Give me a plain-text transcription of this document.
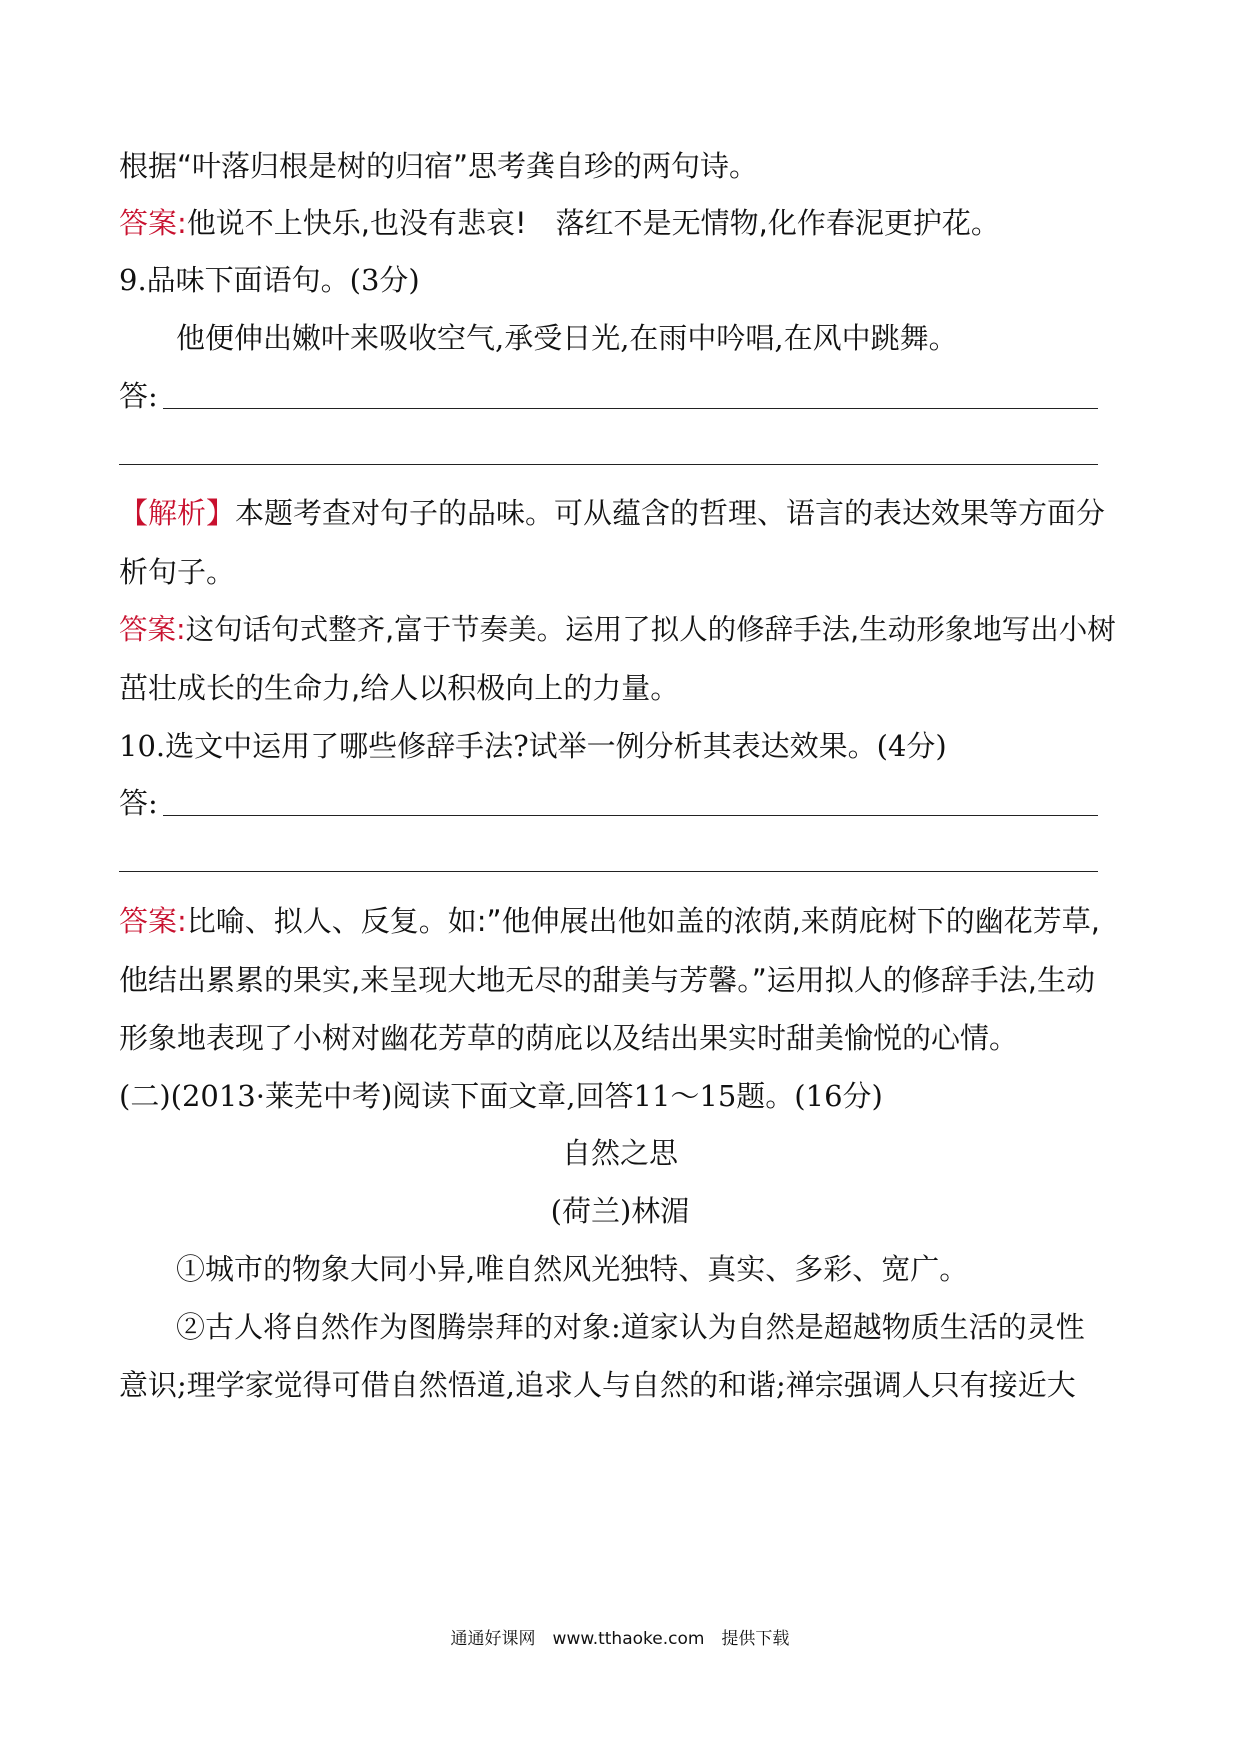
根据“叶落归根是树的归宿”思考龚自珍的两句诗。

答案:他说不上快乐,也没有悲哀!　落红不是无情物,化作春泥更护花。

9.品味下面语句。(3分)

他便伸出嫩叶来吸收空气,承受日光,在雨中吟唱,在风中跳舞。

答:

【解析】本题考查对句子的品味。可从蕴含的哲理、语言的表达效果等方面分

析句子。

答案:这句话句式整齐,富于节奏美。运用了拟人的修辞手法,生动形象地写出小树

茁壮成长的生命力,给人以积极向上的力量。

10.选文中运用了哪些修辞手法?试举一例分析其表达效果。(4分)

答:

答案:比喻、拟人、反复。如:”他伸展出他如盖的浓荫,来荫庇树下的幽花芳草,

他结出累累的果实,来呈现大地无尽的甜美与芳馨。”运用拟人的修辞手法,生动

形象地表现了小树对幽花芳草的荫庇以及结出果实时甜美愉悦的心情。

(二)(2013·莱芜中考)阅读下面文章,回答11～15题。(16分)

自然之思

(荷兰)林湄

①城市的物象大同小异,唯自然风光独特、真实、多彩、宽广。

②古人将自然作为图腾崇拜的对象:道家认为自然是超越物质生活的灵性

意识;理学家觉得可借自然悟道,追求人与自然的和谐;禅宗强调人只有接近大

通通好课网　www.tthaoke.com　提供下载
